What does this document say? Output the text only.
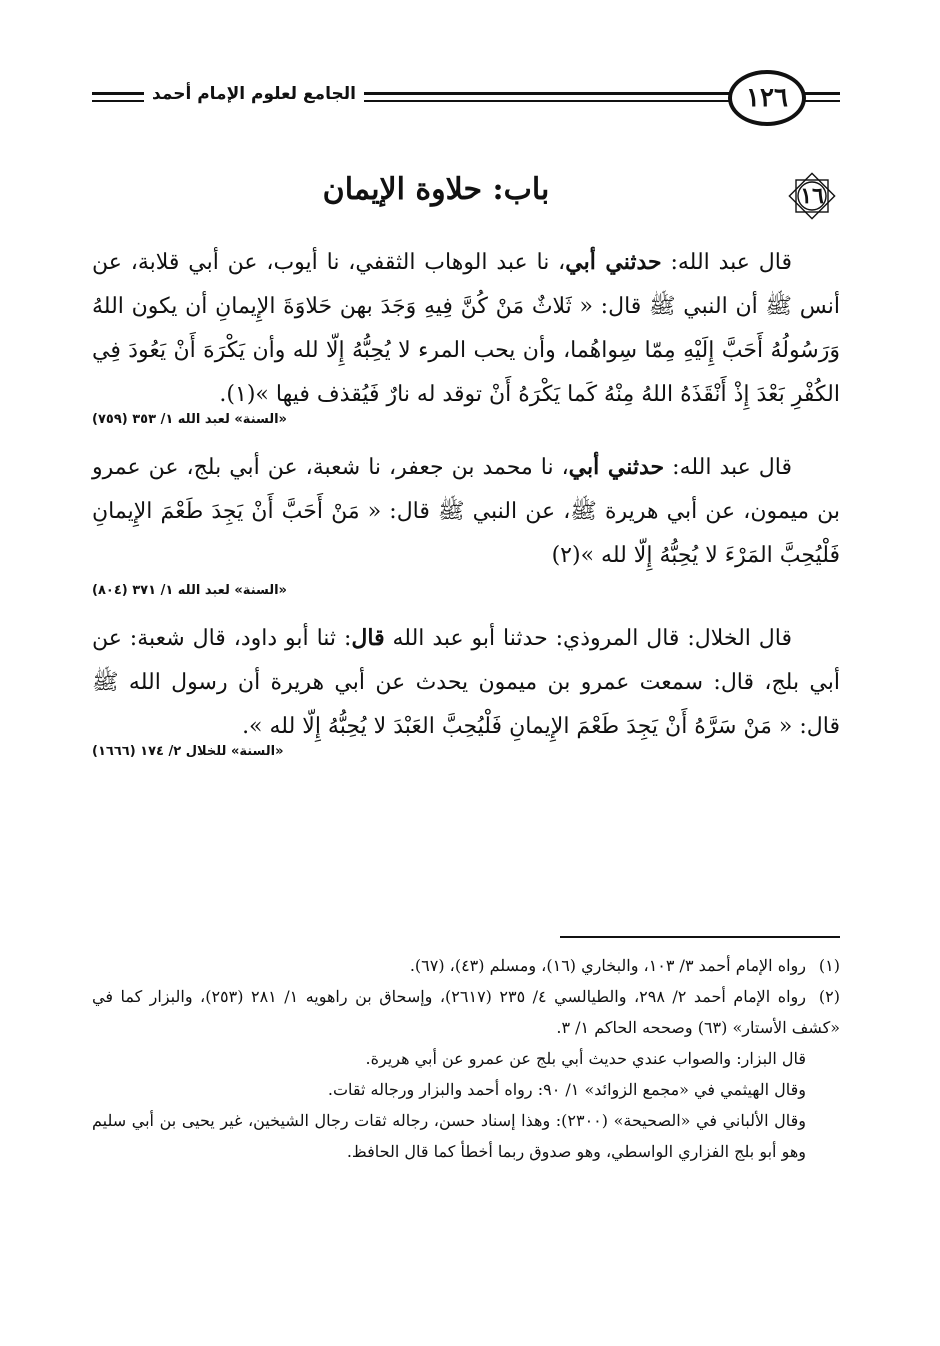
١٢٦
الجامع لعلوم الإمام أحمد
١٦
باب: حلاوة الإيمان

قال عبد الله: حدثني أبي، نا عبد الوهاب الثقفي، نا أيوب، عن أبي قلابة، عن أنس ﷺ أن النبي ﷺ قال: « ثَلاثٌ مَنْ كُنَّ فِيهِ وَجَدَ بهن حَلاوَةَ الإِيمانِ أن يكون اللهُ وَرَسُولُهُ أَحَبَّ إِلَيْهِ مِمّا سِواهُما، وأن يحب المرء لا يُحِبُّهُ إِلّا لله وأن يَكْرَهَ أَنْ يَعُودَ فِي الكُفْرِ بَعْدَ إِذْ أَنْقَذَهُ اللهُ مِنْهُ كَما يَكْرَهُ أَنْ توقد له نارٌ فَيُقذف فيها »(١).

«السنة» لعبد الله ١/ ٣٥٣ (٧٥٩)

قال عبد الله: حدثني أبي، نا محمد بن جعفر، نا شعبة، عن أبي بلج، عن عمرو بن ميمون، عن أبي هريرة ﷺ، عن النبي ﷺ قال: « مَنْ أَحَبَّ أَنْ يَجِدَ طَعْمَ الإِيمانِ فَلْيُحِبَّ المَرْءَ لا يُحِبُّهُ إِلّا لله »(٢)

«السنة» لعبد الله ١/ ٣٧١ (٨٠٤)

قال الخلال: قال المروذي: حدثنا أبو عبد الله قال: ثنا أبو داود، قال شعبة: عن أبي بلج، قال: سمعت عمرو بن ميمون يحدث عن أبي هريرة أن رسول الله ﷺ قال: « مَنْ سَرَّهُ أَنْ يَجِدَ طَعْمَ الإِيمانِ فَلْيُحِبَّ العَبْدَ لا يُحِبُّهُ إِلّا لله ».

«السنة» للخلال ٢/ ١٧٤ (١٦٦٦)

(١)رواه الإمام أحمد ٣/ ١٠٣، والبخاري (١٦)، ومسلم (٤٣)، (٦٧).

(٢)رواه الإمام أحمد ٢/ ٢٩٨، والطيالسي ٤/ ٢٣٥ (٢٦١٧)، وإسحاق بن راهويه ١/ ٢٨١ (٢٥٣)، والبزار كما في «كشف الأستار» (٦٣) وصححه الحاكم ١/ ٣.

قال البزار: والصواب عندي حديث أبي بلج عن عمرو عن أبي هريرة.

وقال الهيثمي في «مجمع الزوائد» ١/ ٩٠: رواه أحمد والبزار ورجاله ثقات.

وقال الألباني في «الصحيحة» (٢٣٠٠): وهذا إسناد حسن، رجاله ثقات رجال الشيخين، غير يحيى بن أبي سليم وهو أبو بلج الفزاري الواسطي، وهو صدوق ربما أخطأ كما قال الحافظ.
